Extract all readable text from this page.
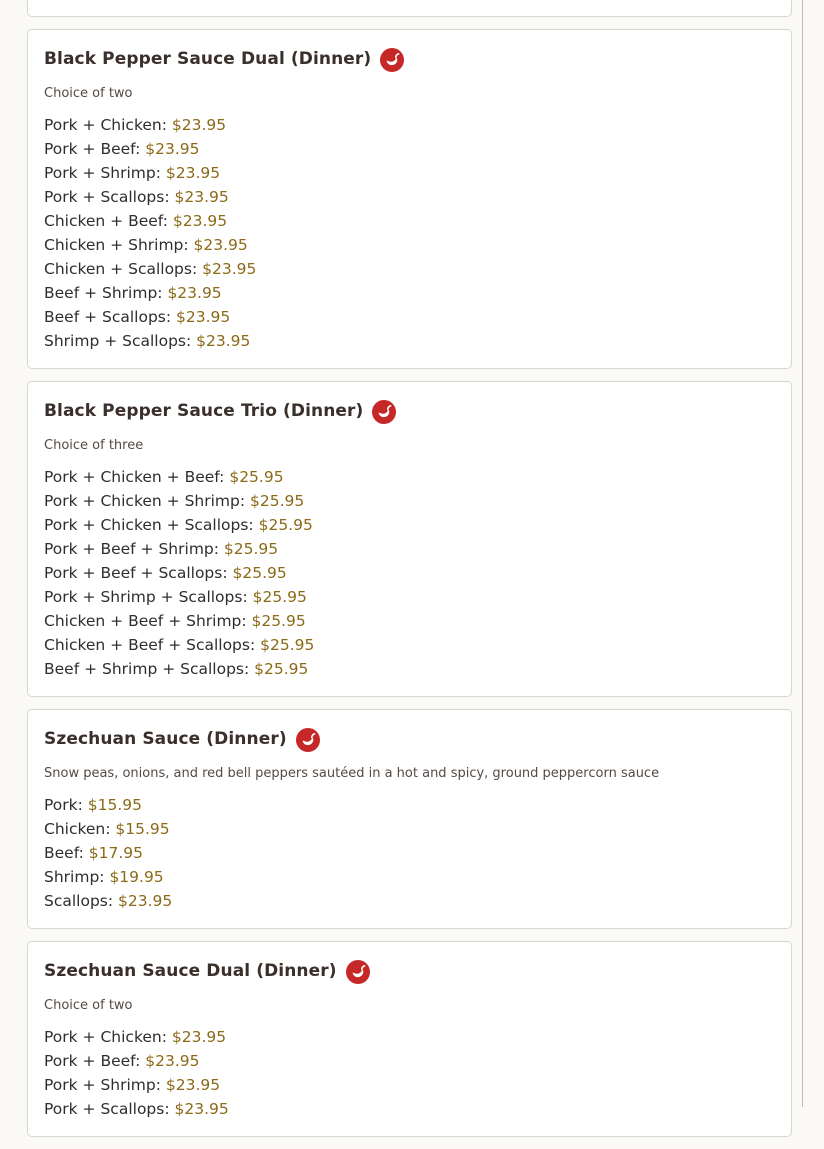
Black Pepper Sauce Dual (Dinner)
Choice of two
Pork + Chicken: $23.95
Pork + Beef: $23.95
Pork + Shrimp: $23.95
Pork + Scallops: $23.95
Chicken + Beef: $23.95
Chicken + Shrimp: $23.95
Chicken + Scallops: $23.95
Beef + Shrimp: $23.95
Beef + Scallops: $23.95
Shrimp + Scallops: $23.95
Black Pepper Sauce Trio (Dinner)
Choice of three
Pork + Chicken + Beef: $25.95
Pork + Chicken + Shrimp: $25.95
Pork + Chicken + Scallops: $25.95
Pork + Beef + Shrimp: $25.95
Pork + Beef + Scallops: $25.95
Pork + Shrimp + Scallops: $25.95
Chicken + Beef + Shrimp: $25.95
Chicken + Beef + Scallops: $25.95
Beef + Shrimp + Scallops: $25.95
Szechuan Sauce (Dinner)
Snow peas, onions, and red bell peppers sautéed in a hot and spicy, ground peppercorn sauce
Pork: $15.95
Chicken: $15.95
Beef: $17.95
Shrimp: $19.95
Scallops: $23.95
Szechuan Sauce Dual (Dinner)
Choice of two
Pork + Chicken: $23.95
Pork + Beef: $23.95
Pork + Shrimp: $23.95
Pork + Scallops: $23.95
